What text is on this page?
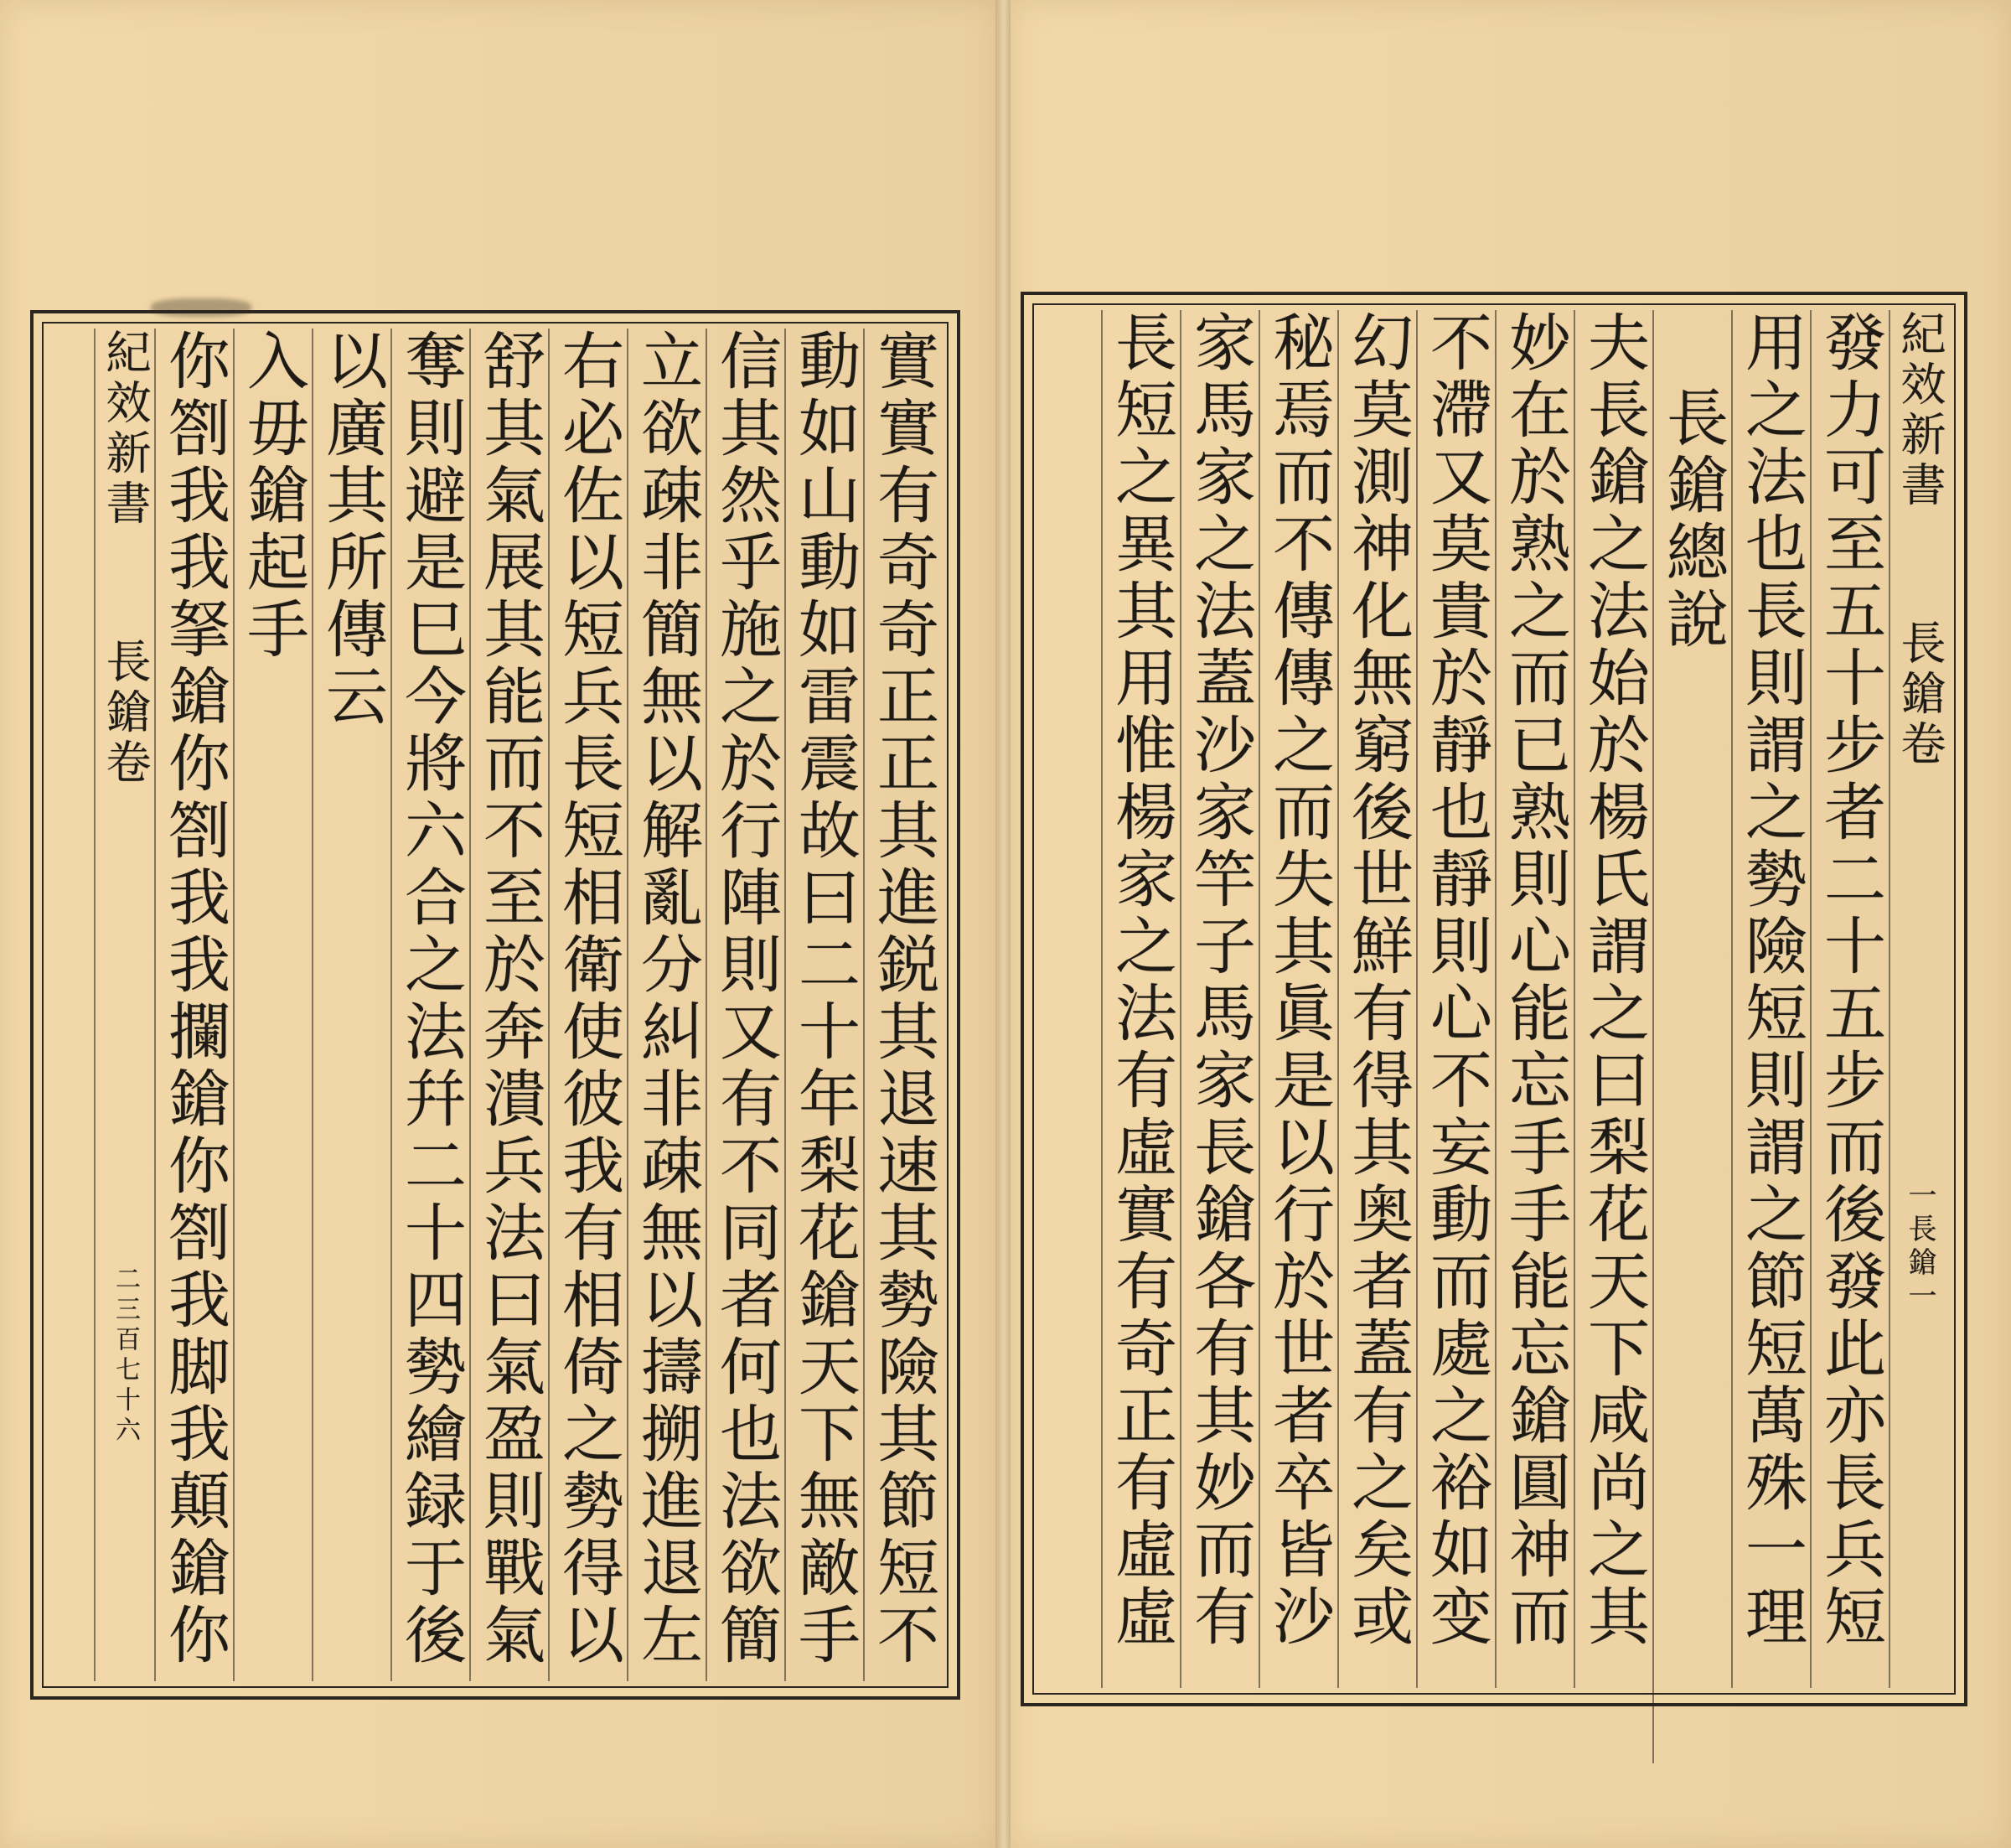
實實有奇奇正正其進鋭其退速其勢險其節短不
動如山動如雷震故曰二十年梨花鎗天下無敵手
信其然乎施之於行陣則又有不同者何也法欲簡
立欲疎非簡無以解亂分糾非疎無以擣搠進退左
右必佐以短兵長短相衛使彼我有相倚之勢得以
舒其氣展其能而不至於奔潰兵法曰氣盈則戰氣
奪則避是巳今將六合之法幷二十四勢繪録于後
以廣其所傳云
入毋鎗起手
你劄我我拏鎗你劄我我攔鎗你劄我脚我顛鎗你
紀效新書 長鎗卷 二三百七十六
紀效新書 長鎗卷 一長鎗一
發力可至五十步者二十五步而後發此亦長兵短
用之法也長則謂之勢險短則謂之節短萬殊一理
長鎗總說
夫長鎗之法始於楊氏謂之曰梨花天下咸尚之其
妙在於熟之而已熟則心能忘手手能忘鎗圓神而
不滯又莫貴於靜也靜則心不妄動而處之裕如变
幻莫測神化無窮後世鮮有得其奥者蓋有之矣或
秘焉而不傳傳之而失其眞是以行於世者卒皆沙
家馬家之法蓋沙家竿子馬家長鎗各有其妙而有
長短之異其用惟楊家之法有虛實有奇正有虛虛
